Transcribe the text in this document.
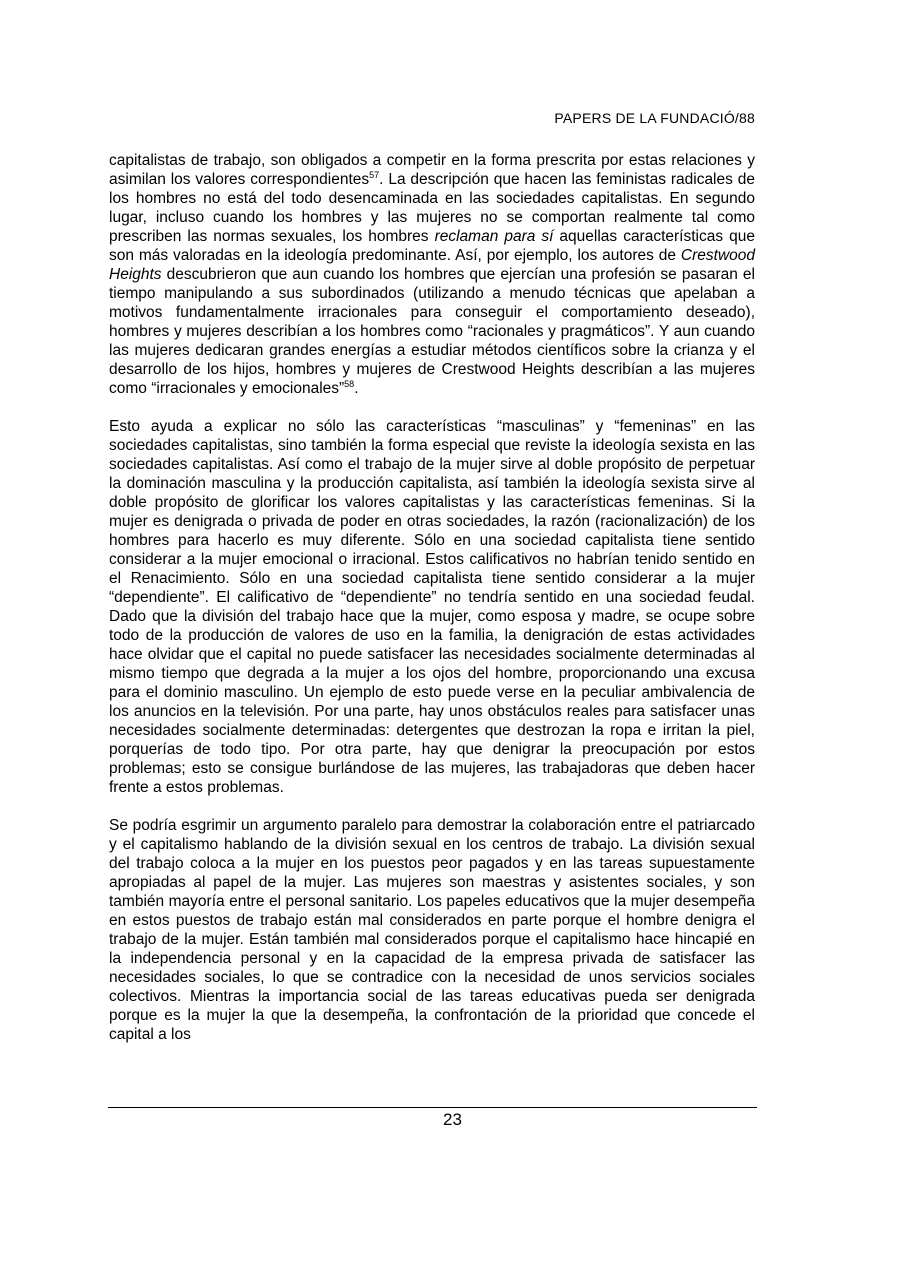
PAPERS DE LA FUNDACIÓ/88

capitalistas de trabajo, son obligados a competir en la forma prescrita por estas relaciones y asimilan los valores correspondientes$^{57}$. La descripción que hacen las feministas radicales de los hombres no está del todo desencaminada en las sociedades capitalistas. En segundo lugar, incluso cuando los hombres y las mujeres no se comportan realmente tal como prescriben las normas sexuales, los hombres reclaman para sí aquellas características que son más valoradas en la ideología predominante. Así, por ejemplo, los autores de Crestwood Heights descubrieron que aun cuando los hombres que ejercían una profesión se pasaran el tiempo manipulando a sus subordinados (utilizando a menudo técnicas que apelaban a motivos fundamentalmente irracionales para conseguir el comportamiento deseado), hombres y mujeres describían a los hombres como “racionales y pragmáticos”. Y aun cuando las mujeres dedicaran grandes energías a estudiar métodos científicos sobre la crianza y el desarrollo de los hijos, hombres y mujeres de Crestwood Heights describían a las mujeres como “irracionales y emocionales”$^{58}$.

Esto ayuda a explicar no sólo las características “masculinas” y “femeninas” en las sociedades capitalistas, sino también la forma especial que reviste la ideología sexista en las sociedades capitalistas. Así como el trabajo de la mujer sirve al doble propósito de perpetuar la dominación masculina y la producción capitalista, así también la ideología sexista sirve al doble propósito de glorificar los valores capitalistas y las características femeninas. Si la mujer es denigrada o privada de poder en otras sociedades, la razón (racionalización) de los hombres para hacerlo es muy diferente. Sólo en una sociedad capitalista tiene sentido considerar a la mujer emocional o irracional. Estos calificativos no habrían tenido sentido en el Renacimiento. Sólo en una sociedad capitalista tiene sentido considerar a la mujer “dependiente”. El calificativo de “dependiente” no tendría sentido en una sociedad feudal. Dado que la división del trabajo hace que la mujer, como esposa y madre, se ocupe sobre todo de la producción de valores de uso en la familia, la denigración de estas actividades hace olvidar que el capital no puede satisfacer las necesidades socialmente determinadas al mismo tiempo que degrada a la mujer a los ojos del hombre, proporcionando una excusa para el dominio masculino. Un ejemplo de esto puede verse en la peculiar ambivalencia de los anuncios en la televisión. Por una parte, hay unos obstáculos reales para satisfacer unas necesidades socialmente determinadas: detergentes que destrozan la ropa e irritan la piel, porquerías de todo tipo. Por otra parte, hay que denigrar la preocupación por estos problemas; esto se consigue burlándose de las mujeres, las trabajadoras que deben hacer frente a estos problemas.

Se podría esgrimir un argumento paralelo para demostrar la colaboración entre el patriarcado y el capitalismo hablando de la división sexual en los centros de trabajo. La división sexual del trabajo coloca a la mujer en los puestos peor pagados y en las tareas supuestamente apropiadas al papel de la mujer. Las mujeres son maestras y asistentes sociales, y son también mayoría entre el personal sanitario. Los papeles educativos que la mujer desempeña en estos puestos de trabajo están mal considerados en parte porque el hombre denigra el trabajo de la mujer. Están también mal considerados porque el capitalismo hace hincapié en la independencia personal y en la capacidad de la empresa privada de satisfacer las necesidades sociales, lo que se contradice con la necesidad de unos servicios sociales colectivos. Mientras la importancia social de las tareas educativas pueda ser denigrada porque es la mujer la que la desempeña, la confrontación de la prioridad que concede el capital a los

23
